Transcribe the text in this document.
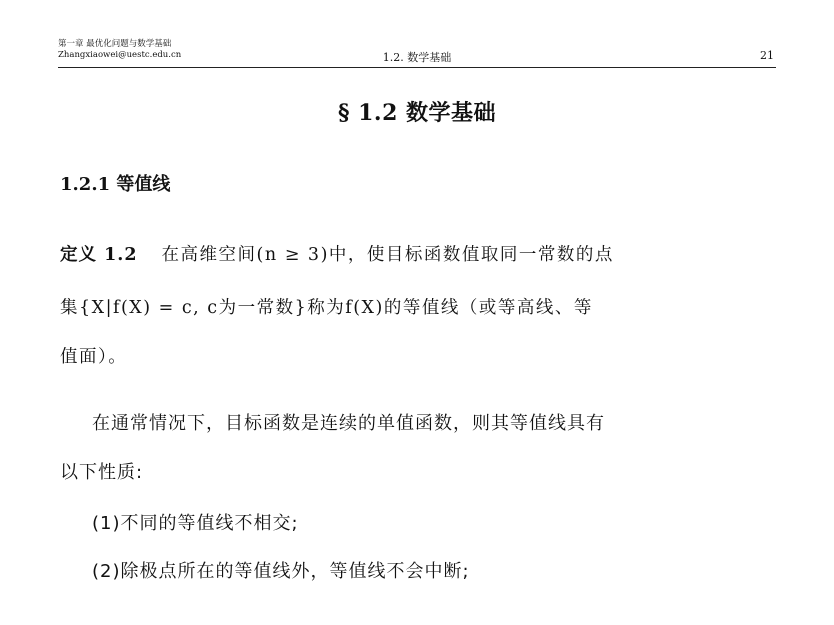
第一章 最优化问题与数学基础
Zhangxiaowei@uestc.edu.cn	1.2. 数学基础	21
§ 1.2 数学基础
1.2.1 等值线
定义 1.2 在高维空间(n ≥ 3)中，使目标函数值取同一常数的点
集{X|f(X) = c, c为一常数}称为f(X)的等值线（或等高线、等
值面）。
在通常情况下，目标函数是连续的单值函数，则其等值线具有
以下性质:
(1)不同的等值线不相交;
(2)除极点所在的等值线外，等值线不会中断;
